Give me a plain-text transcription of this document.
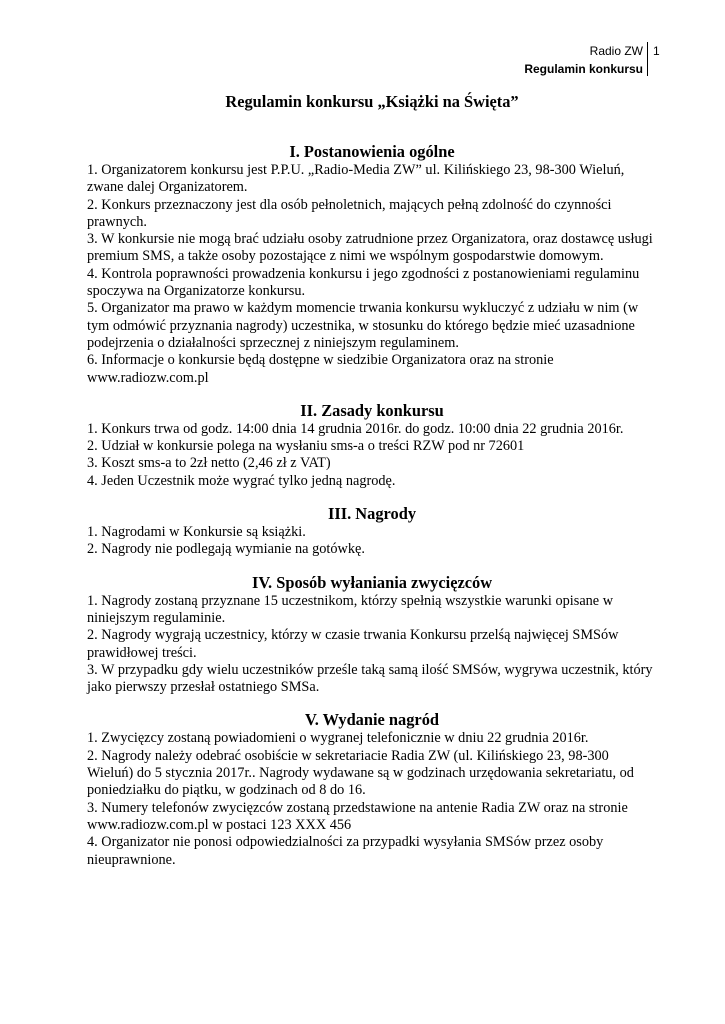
Radio ZW
Regulamin konkursu
1
Regulamin konkursu „Książki na Święta”
I. Postanowienia ogólne

1. Organizatorem konkursu jest P.P.U. „Radio-Media ZW” ul. Kilińskiego 23, 98-300 Wieluń, zwane dalej Organizatorem.

2. Konkurs przeznaczony jest dla osób pełnoletnich, mających pełną zdolność do czynności prawnych.

3. W konkursie nie mogą brać udziału osoby zatrudnione przez Organizatora, oraz dostawcę usługi premium SMS, a także osoby pozostające z nimi we wspólnym gospodarstwie domowym.

4. Kontrola poprawności prowadzenia konkursu i jego zgodności z postanowieniami regulaminu spoczywa na Organizatorze konkursu.

5. Organizator ma prawo w każdym momencie trwania konkursu wykluczyć z udziału w nim (w tym odmówić przyznania nagrody) uczestnika, w stosunku do którego będzie mieć uzasadnione podejrzenia o działalności sprzecznej z niniejszym regulaminem.

6. Informacje o konkursie będą dostępne w siedzibie Organizatora oraz na stronie www.radiozw.com.pl

II. Zasady konkursu

1. Konkurs trwa od godz. 14:00 dnia 14 grudnia 2016r. do godz. 10:00 dnia 22 grudnia 2016r.

2. Udział w konkursie polega na wysłaniu sms-a o treści RZW pod nr 72601

3. Koszt sms-a to 2zł netto (2,46 zł z VAT)

4. Jeden Uczestnik może wygrać tylko jedną nagrodę.

III. Nagrody

1. Nagrodami w Konkursie są książki.

2. Nagrody nie podlegają wymianie na gotówkę.

IV. Sposób wyłaniania zwycięzców

1. Nagrody zostaną przyznane 15 uczestnikom, którzy spełnią wszystkie warunki opisane w niniejszym regulaminie.

2. Nagrody wygrają uczestnicy, którzy w czasie trwania Konkursu przelśą najwięcej SMSów prawidłowej treści.

3. W przypadku gdy wielu uczestników prześle taką samą ilość SMSów, wygrywa uczestnik, który jako pierwszy przesłał ostatniego SMSa.

V. Wydanie nagród

1. Zwycięzcy zostaną powiadomieni o wygranej telefonicznie w dniu 22 grudnia 2016r.

2. Nagrody należy odebrać osobiście w sekretariacie Radia ZW (ul. Kilińskiego 23, 98-300 Wieluń) do 5 stycznia 2017r.. Nagrody wydawane są w godzinach urzędowania sekretariatu, od poniedziałku do piątku, w godzinach od 8 do 16.

3. Numery telefonów zwycięzców zostaną przedstawione na antenie Radia ZW oraz na stronie www.radiozw.com.pl w postaci 123 XXX 456

4. Organizator nie ponosi odpowiedzialności za przypadki wysyłania SMSów przez osoby nieuprawnione.
